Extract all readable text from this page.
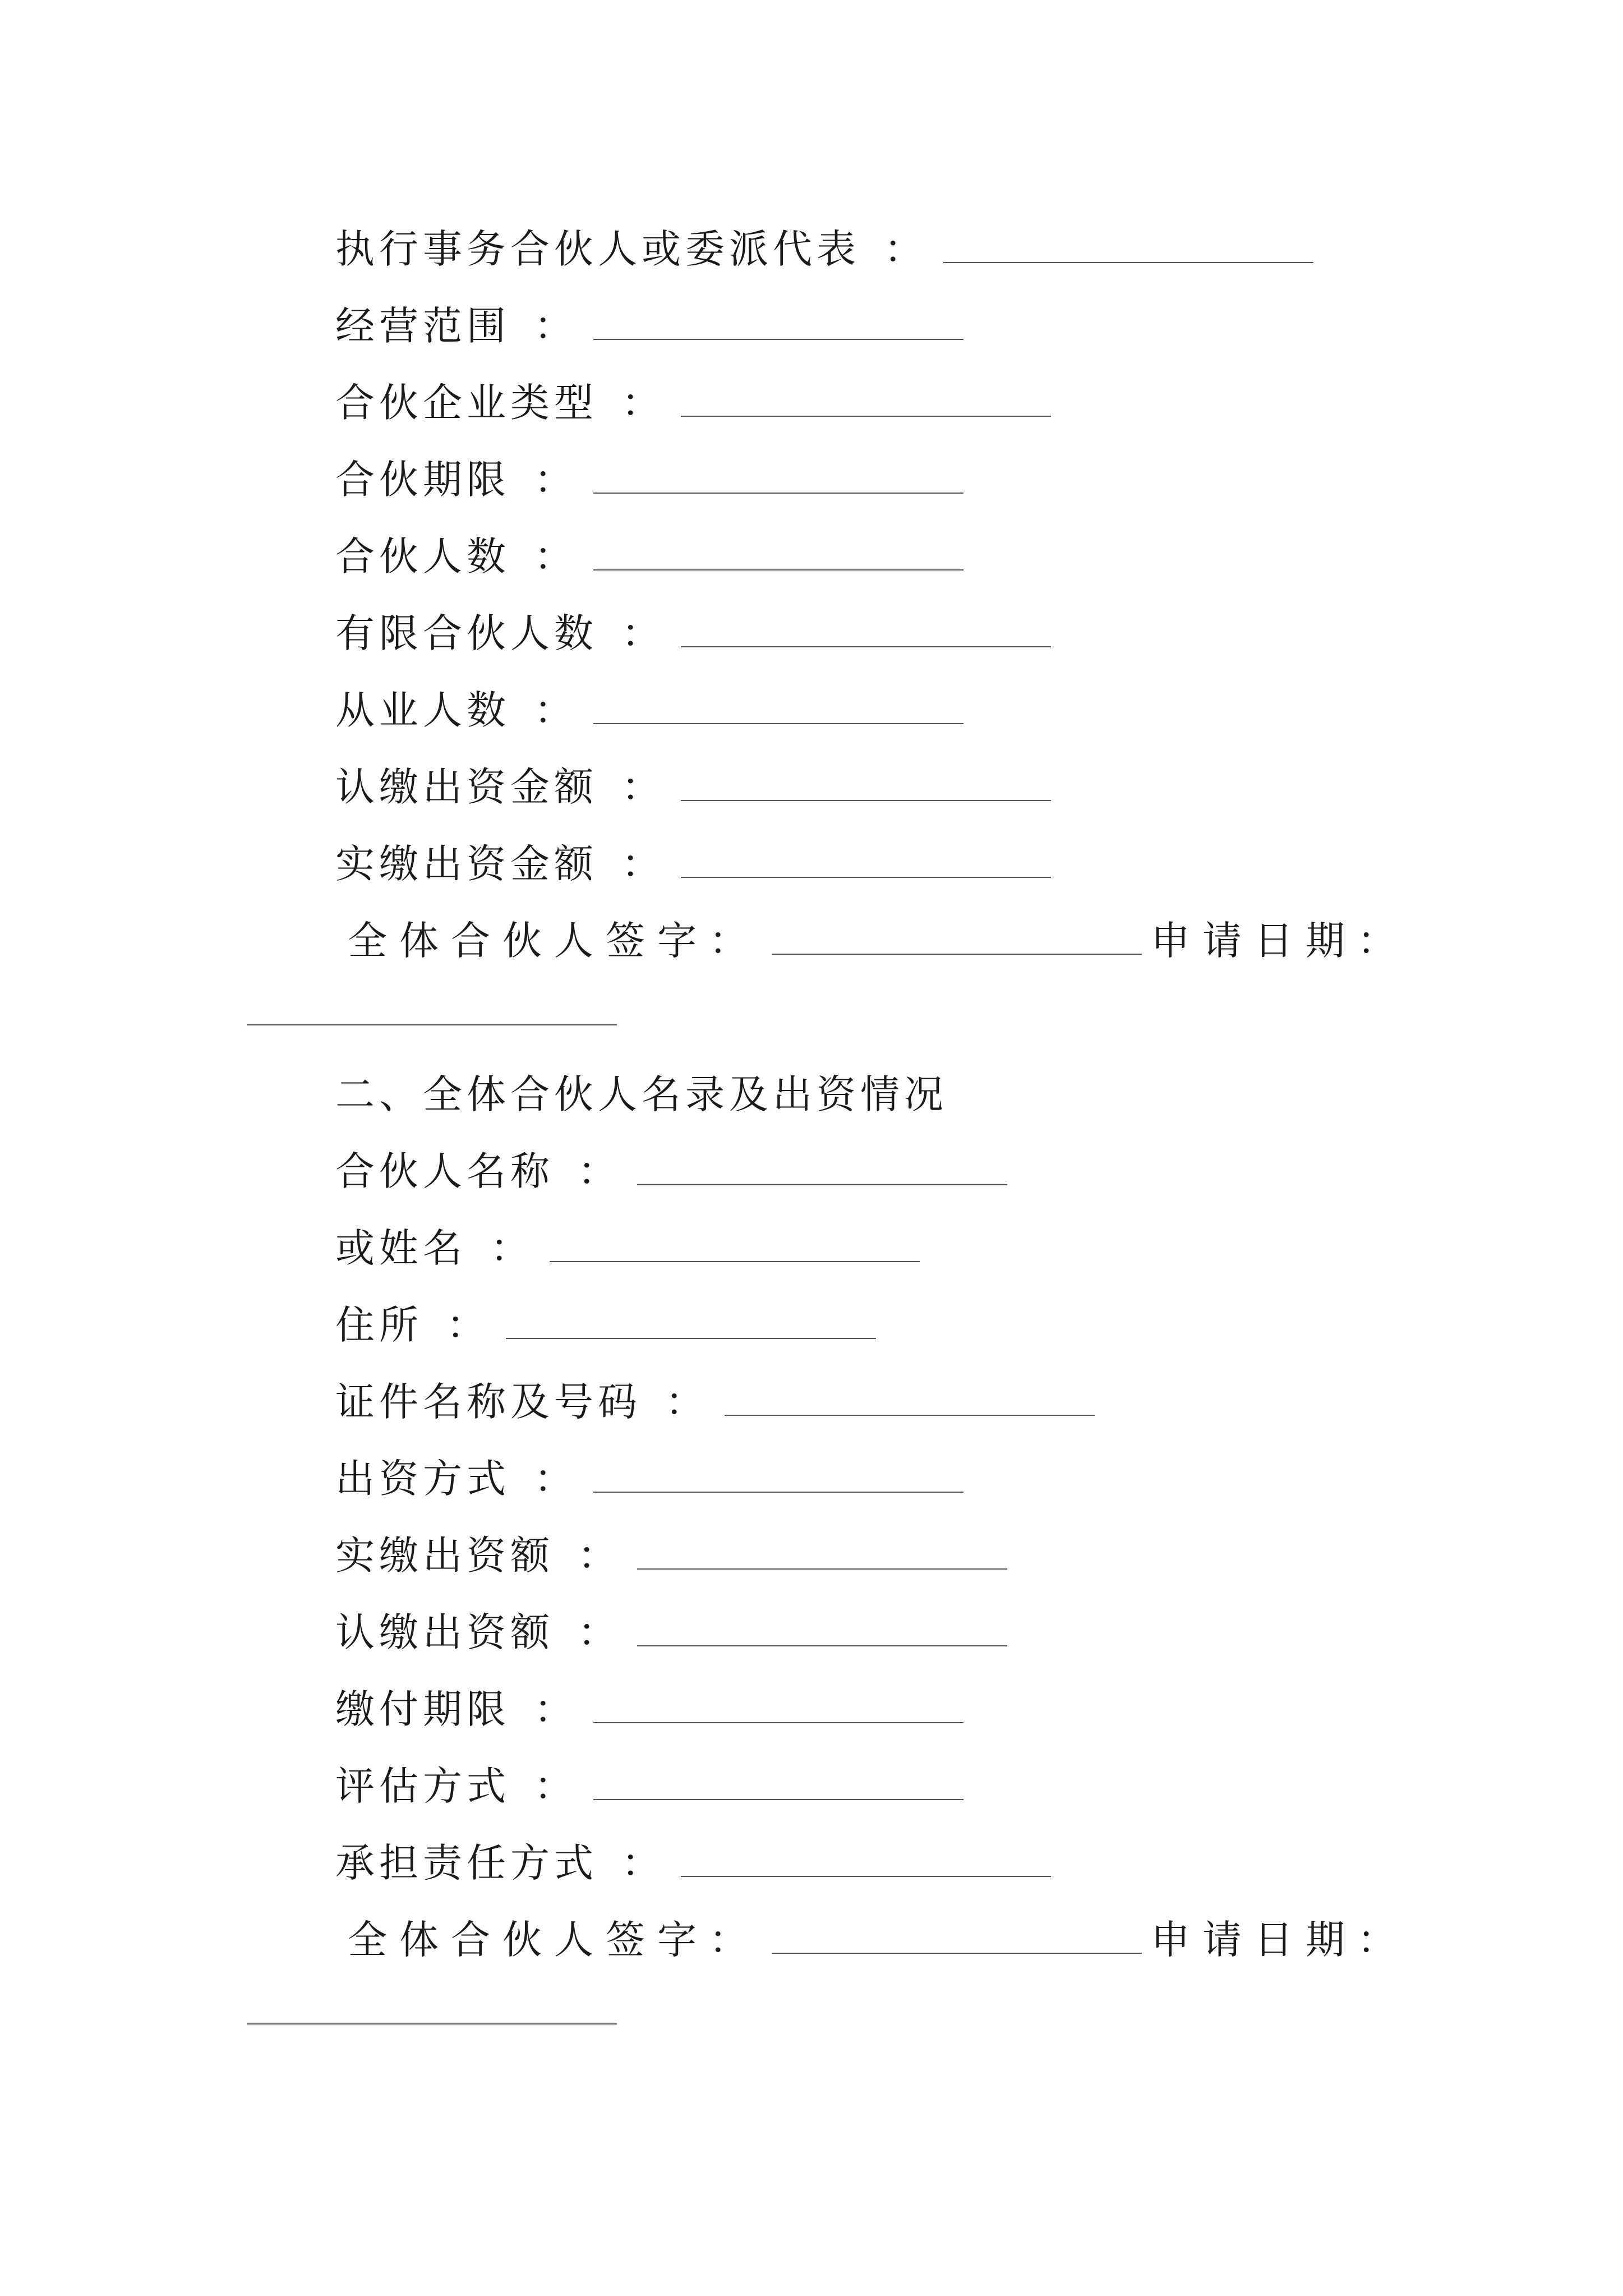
执行事务合伙人或委派代表 ：
经营范围 ：
合伙企业类型 ：
合伙期限 ：
合伙人数 ：
有限合伙人数 ：
从业人数 ：
认缴出资金额 ：
实缴出资金额 ：
全体合伙人签字：	申请日期：
二、全体合伙人名录及出资情况
合伙人名称 ：
或姓名 ：
住所 ：
证件名称及号码 ：
出资方式 ：
实缴出资额 ：
认缴出资额 ：
缴付期限 ：
评估方式 ：
承担责任方式 ：
全体合伙人签字：	申请日期：
